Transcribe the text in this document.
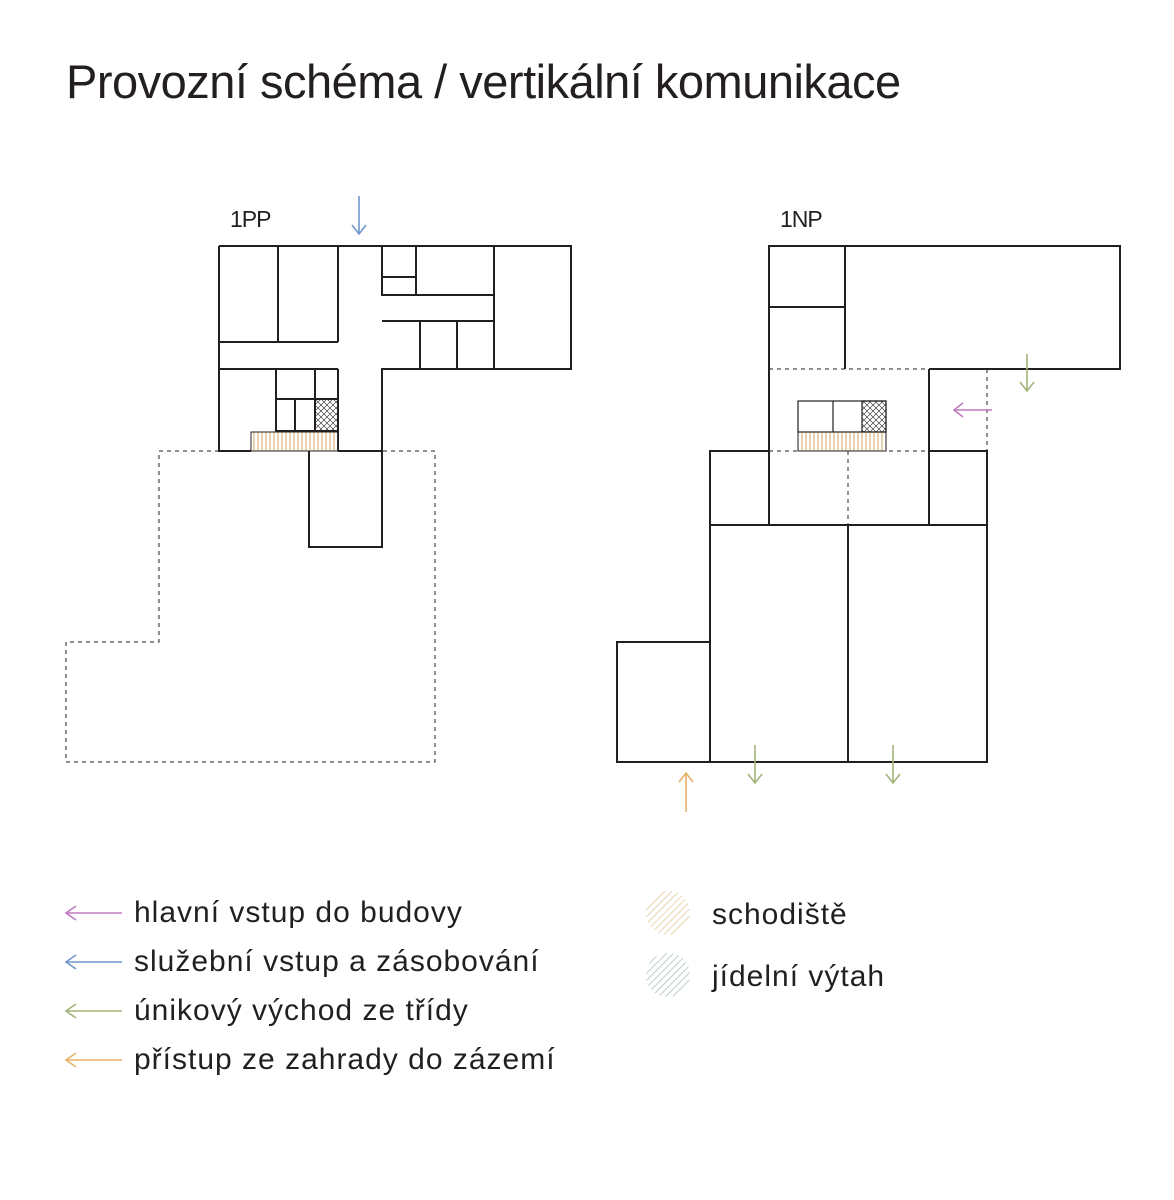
Provozní schéma / vertikální komunikace
1PP	1NP
hlavní vstup do budovy
služební vstup a zásobování
únikový východ ze třídy
přístup ze zahrady do zázemí
schodiště
jídelní výtah
